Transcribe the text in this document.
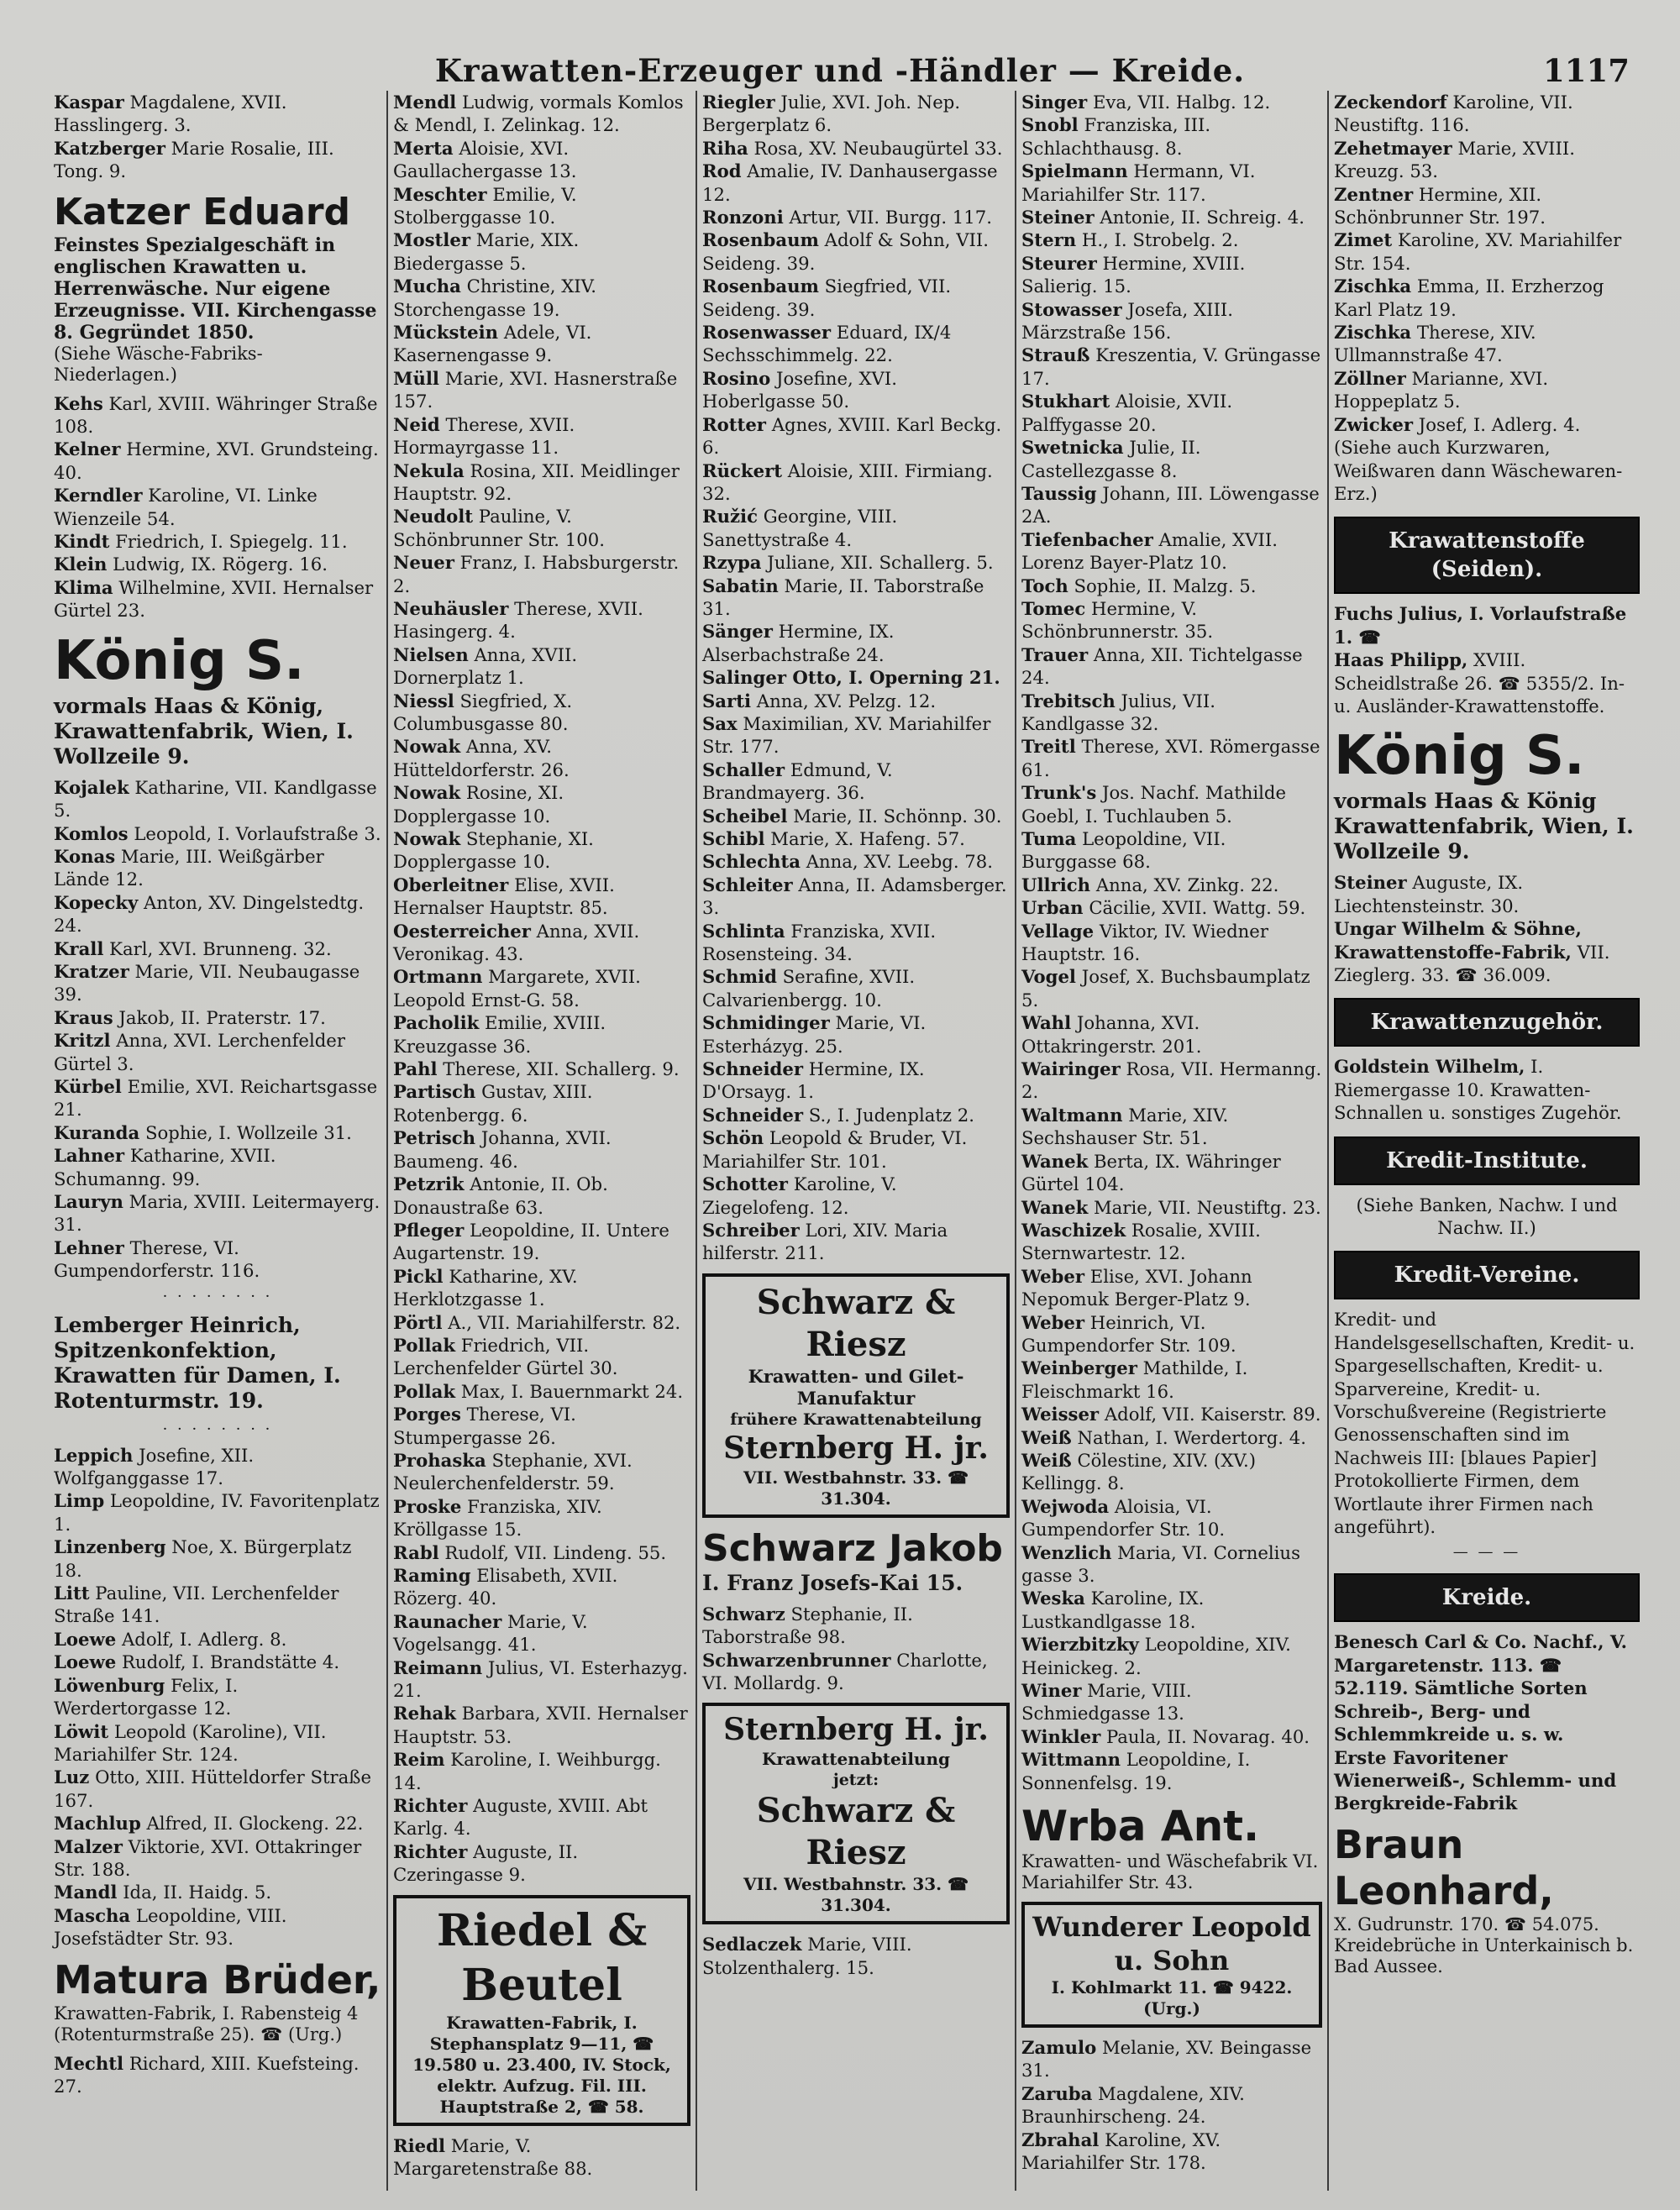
Krawatten-Erzeuger und -Händler — Kreide.	1117

Kaspar Magdalene, XVII. Hasslingerg. 3.

Katzberger Marie Rosalie, III. Tong. 9.

Katzer Eduard
Feinstes Spezialgeschäft in englischen Krawatten u. Herrenwäsche. Nur eigene Erzeugnisse. VII. Kirchengasse 8. Gegründet 1850.
(Siehe Wäsche-Fabriks-Niederlagen.)

Kehs Karl, XVIII. Währinger Straße 108.

Kelner Hermine, XVI. Grundsteing. 40.

Kerndler Karoline, VI. Linke Wienzeile 54.

Kindt Friedrich, I. Spiegelg. 11.

Klein Ludwig, IX. Rögerg. 16.

Klima Wilhelmine, XVII. Hernalser Gürtel 23.

König S.
vormals Haas & König, Krawattenfabrik, Wien, I. Wollzeile 9.

Kojalek Katharine, VII. Kandlgasse 5.

Komlos Leopold, I. Vorlaufstraße 3.

Konas Marie, III. Weißgärber Lände 12.

Kopecky Anton, XV. Dingelstedtg. 24.

Krall Karl, XVI. Brunneng. 32.

Kratzer Marie, VII. Neubaugasse 39.

Kraus Jakob, II. Praterstr. 17.

Kritzl Anna, XVI. Lerchenfelder Gürtel 3.

Kürbel Emilie, XVI. Reichartsgasse 21.

Kuranda Sophie, I. Wollzeile 31.

Lahner Katharine, XVII. Schumanng. 99.

Lauryn Maria, XVIII. Leitermayerg. 31.

Lehner Therese, VI. Gumpendorferstr. 116.

· · · · · · · ·
Lemberger Heinrich, Spitzenkonfektion, Krawatten für Damen, I. Rotenturmstr. 19.
· · · · · · · ·

Leppich Josefine, XII. Wolfganggasse 17.

Limp Leopoldine, IV. Favoritenplatz 1.

Linzenberg Noe, X. Bürgerplatz 18.

Litt Pauline, VII. Lerchenfelder Straße 141.

Loewe Adolf, I. Adlerg. 8.

Loewe Rudolf, I. Brandstätte 4.

Löwenburg Felix, I. Werdertorgasse 12.

Löwit Leopold (Karoline), VII. Mariahilfer Str. 124.

Luz Otto, XIII. Hütteldorfer Straße 167.

Machlup Alfred, II. Glockeng. 22.

Malzer Viktorie, XVI. Ottakringer Str. 188.

Mandl Ida, II. Haidg. 5.

Mascha Leopoldine, VIII. Josefstädter Str. 93.

Matura Brüder,
Krawatten-Fabrik, I. Rabensteig 4 (Rotenturmstraße 25). ☎ (Urg.)

Mechtl Richard, XIII. Kuefsteing. 27.

Mendl Ludwig, vormals Komlos & Mendl, I. Zelinkag. 12.

Merta Aloisie, XVI. Gaullachergasse 13.

Meschter Emilie, V. Stolberggasse 10.

Mostler Marie, XIX. Biedergasse 5.

Mucha Christine, XIV. Storchengasse 19.

Mückstein Adele, VI. Kasernengasse 9.

Müll Marie, XVI. Hasnerstraße 157.

Neid Therese, XVII. Hormayrgasse 11.

Nekula Rosina, XII. Meidlinger Hauptstr. 92.

Neudolt Pauline, V. Schönbrunner Str. 100.

Neuer Franz, I. Habsburgerstr. 2.

Neuhäusler Therese, XVII. Hasingerg. 4.

Nielsen Anna, XVII. Dornerplatz 1.

Niessl Siegfried, X. Columbusgasse 80.

Nowak Anna, XV. Hütteldorferstr. 26.

Nowak Rosine, XI. Dopplergasse 10.

Nowak Stephanie, XI. Dopplergasse 10.

Oberleitner Elise, XVII. Hernalser Hauptstr. 85.

Oesterreicher Anna, XVII. Veronikag. 43.

Ortmann Margarete, XVII. Leopold Ernst-G. 58.

Pacholik Emilie, XVIII. Kreuzgasse 36.

Pahl Therese, XII. Schallerg. 9.

Partisch Gustav, XIII. Rotenbergg. 6.

Petrisch Johanna, XVII. Baumeng. 46.

Petzrik Antonie, II. Ob. Donaustraße 63.

Pfleger Leopoldine, II. Untere Augartenstr. 19.

Pickl Katharine, XV. Herklotzgasse 1.

Pörtl A., VII. Mariahilferstr. 82.

Pollak Friedrich, VII. Lerchenfelder Gürtel 30.

Pollak Max, I. Bauernmarkt 24.

Porges Therese, VI. Stumpergasse 26.

Prohaska Stephanie, XVI. Neulerchenfelderstr. 59.

Proske Franziska, XIV. Kröllgasse 15.

Rabl Rudolf, VII. Lindeng. 55.

Raming Elisabeth, XVII. Rözerg. 40.

Raunacher Marie, V. Vogelsangg. 41.

Reimann Julius, VI. Esterhazyg. 21.

Rehak Barbara, XVII. Hernalser Hauptstr. 53.

Reim Karoline, I. Weihburgg. 14.

Richter Auguste, XVIII. Abt Karlg. 4.

Richter Auguste, II. Czeringasse 9.

Riedel & Beutel
Krawatten-Fabrik, I. Stephansplatz 9—11, ☎ 19.580 u. 23.400, IV. Stock, elektr. Aufzug. Fil. III. Hauptstraße 2, ☎ 58.

Riedl Marie, V. Margaretenstraße 88.

Riegler Julie, XVI. Joh. Nep. Bergerplatz 6.

Riha Rosa, XV. Neubaugürtel 33.

Rod Amalie, IV. Danhausergasse 12.

Ronzoni Artur, VII. Burgg. 117.

Rosenbaum Adolf & Sohn, VII. Seideng. 39.

Rosenbaum Siegfried, VII. Seideng. 39.

Rosenwasser Eduard, IX/4 Sechsschimmelg. 22.

Rosino Josefine, XVI. Hoberlgasse 50.

Rotter Agnes, XVIII. Karl Beckg. 6.

Rückert Aloisie, XIII. Firmiang. 32.

Ružić Georgine, VIII. Sanettystraße 4.

Rzypa Juliane, XII. Schallerg. 5.

Sabatin Marie, II. Taborstraße 31.

Sänger Hermine, IX. Alserbachstraße 24.

Salinger Otto, I. Operning 21.

Sarti Anna, XV. Pelzg. 12.

Sax Maximilian, XV. Mariahilfer Str. 177.

Schaller Edmund, V. Brandmayerg. 36.

Scheibel Marie, II. Schönnp. 30.

Schibl Marie, X. Hafeng. 57.

Schlechta Anna, XV. Leebg. 78.

Schleiter Anna, II. Adamsberger. 3.

Schlinta Franziska, XVII. Rosensteing. 34.

Schmid Serafine, XVII. Calvarienbergg. 10.

Schmidinger Marie, VI. Esterházyg. 25.

Schneider Hermine, IX. D'Orsayg. 1.

Schneider S., I. Judenplatz 2.

Schön Leopold & Bruder, VI. Mariahilfer Str. 101.

Schotter Karoline, V. Ziegelofeng. 12.

Schreiber Lori, XIV. Maria hilferstr. 211.

Schwarz & Riesz
Krawatten- und Gilet-Manufaktur
frühere Krawattenabteilung
Sternberg H. jr.
VII. Westbahnstr. 33. ☎ 31.304.
Schwarz Jakob
I. Franz Josefs-Kai 15.

Schwarz Stephanie, II. Taborstraße 98.

Schwarzenbrunner Charlotte, VI. Mollardg. 9.

Sternberg H. jr.
Krawattenabteilung
jetzt:
Schwarz & Riesz
VII. Westbahnstr. 33. ☎ 31.304.

Sedlaczek Marie, VIII. Stolzenthalerg. 15.

Singer Eva, VII. Halbg. 12.

Snobl Franziska, III. Schlachthausg. 8.

Spielmann Hermann, VI. Mariahilfer Str. 117.

Steiner Antonie, II. Schreig. 4.

Stern H., I. Strobelg. 2.

Steurer Hermine, XVIII. Salierig. 15.

Stowasser Josefa, XIII. Märzstraße 156.

Strauß Kreszentia, V. Grüngasse 17.

Stukhart Aloisie, XVII. Palffygasse 20.

Swetnicka Julie, II. Castellezgasse 8.

Taussig Johann, III. Löwengasse 2A.

Tiefenbacher Amalie, XVII. Lorenz Bayer-Platz 10.

Toch Sophie, II. Malzg. 5.

Tomec Hermine, V. Schönbrunnerstr. 35.

Trauer Anna, XII. Tichtelgasse 24.

Trebitsch Julius, VII. Kandlgasse 32.

Treitl Therese, XVI. Römergasse 61.

Trunk's Jos. Nachf. Mathilde Goebl, I. Tuchlauben 5.

Tuma Leopoldine, VII. Burggasse 68.

Ullrich Anna, XV. Zinkg. 22.

Urban Cäcilie, XVII. Wattg. 59.

Vellage Viktor, IV. Wiedner Hauptstr. 16.

Vogel Josef, X. Buchsbaumplatz 5.

Wahl Johanna, XVI. Ottakringerstr. 201.

Wairinger Rosa, VII. Hermanng. 2.

Waltmann Marie, XIV. Sechshauser Str. 51.

Wanek Berta, IX. Währinger Gürtel 104.

Wanek Marie, VII. Neustiftg. 23.

Waschizek Rosalie, XVIII. Sternwartestr. 12.

Weber Elise, XVI. Johann Nepomuk Berger-Platz 9.

Weber Heinrich, VI. Gumpendorfer Str. 109.

Weinberger Mathilde, I. Fleischmarkt 16.

Weisser Adolf, VII. Kaiserstr. 89.

Weiß Nathan, I. Werdertorg. 4.

Weiß Cölestine, XIV. (XV.) Kellingg. 8.

Wejwoda Aloisia, VI. Gumpendorfer Str. 10.

Wenzlich Maria, VI. Cornelius gasse 3.

Weska Karoline, IX. Lustkandlgasse 18.

Wierzbitzky Leopoldine, XIV. Heinickeg. 2.

Winer Marie, VIII. Schmiedgasse 13.

Winkler Paula, II. Novarag. 40.

Wittmann Leopoldine, I. Sonnenfelsg. 19.

Wrba Ant.
Krawatten- und Wäschefabrik VI. Mariahilfer Str. 43.
Wunderer Leopold u. Sohn
I. Kohlmarkt 11. ☎ 9422. (Urg.)

Zamulo Melanie, XV. Beingasse 31.

Zaruba Magdalene, XIV. Braunhirscheng. 24.

Zbrahal Karoline, XV. Mariahilfer Str. 178.

Zeckendorf Karoline, VII. Neustiftg. 116.

Zehetmayer Marie, XVIII. Kreuzg. 53.

Zentner Hermine, XII. Schönbrunner Str. 197.

Zimet Karoline, XV. Mariahilfer Str. 154.

Zischka Emma, II. Erzherzog Karl Platz 19.

Zischka Therese, XIV. Ullmannstraße 47.

Zöllner Marianne, XVI. Hoppeplatz 5.

Zwicker Josef, I. Adlerg. 4.

(Siehe auch Kurzwaren, Weißwaren dann Wäschewaren-Erz.)

Krawattenstoffe (Seiden).

Fuchs Julius, I. Vorlaufstraße 1. ☎

Haas Philipp, XVIII. Scheidlstraße 26. ☎ 5355/2. In- u. Ausländer-Krawattenstoffe.

König S.
vormals Haas & König Krawattenfabrik, Wien, I. Wollzeile 9.

Steiner Auguste, IX. Liechtensteinstr. 30.

Ungar Wilhelm & Söhne, Krawattenstoffe-Fabrik, VII. Zieglerg. 33. ☎ 36.009.

Krawattenzugehör.

Goldstein Wilhelm, I. Riemergasse 10. Krawatten-Schnallen u. sonstiges Zugehör.

Kredit-Institute.

(Siehe Banken, Nachw. I und Nachw. II.)

Kredit-Vereine.

Kredit- und Handelsgesellschaften, Kredit- u. Spargesellschaften, Kredit- u. Sparvereine, Kredit- u. Vorschußvereine (Registrierte Genossenschaften sind im Nachweis III: [blaues Papier] Protokollierte Firmen, dem Wortlaute ihrer Firmen nach angeführt).

— — —
Kreide.

Benesch Carl & Co. Nachf., V. Margaretenstr. 113. ☎ 52.119. Sämtliche Sorten Schreib-, Berg- und Schlemmkreide u. s. w.

Erste Favoritener Wienerweiß-, Schlemm- und Bergkreide-Fabrik

Braun Leonhard,
X. Gudrunstr. 170. ☎ 54.075. Kreidebrüche in Unterkainisch b. Bad Aussee.
